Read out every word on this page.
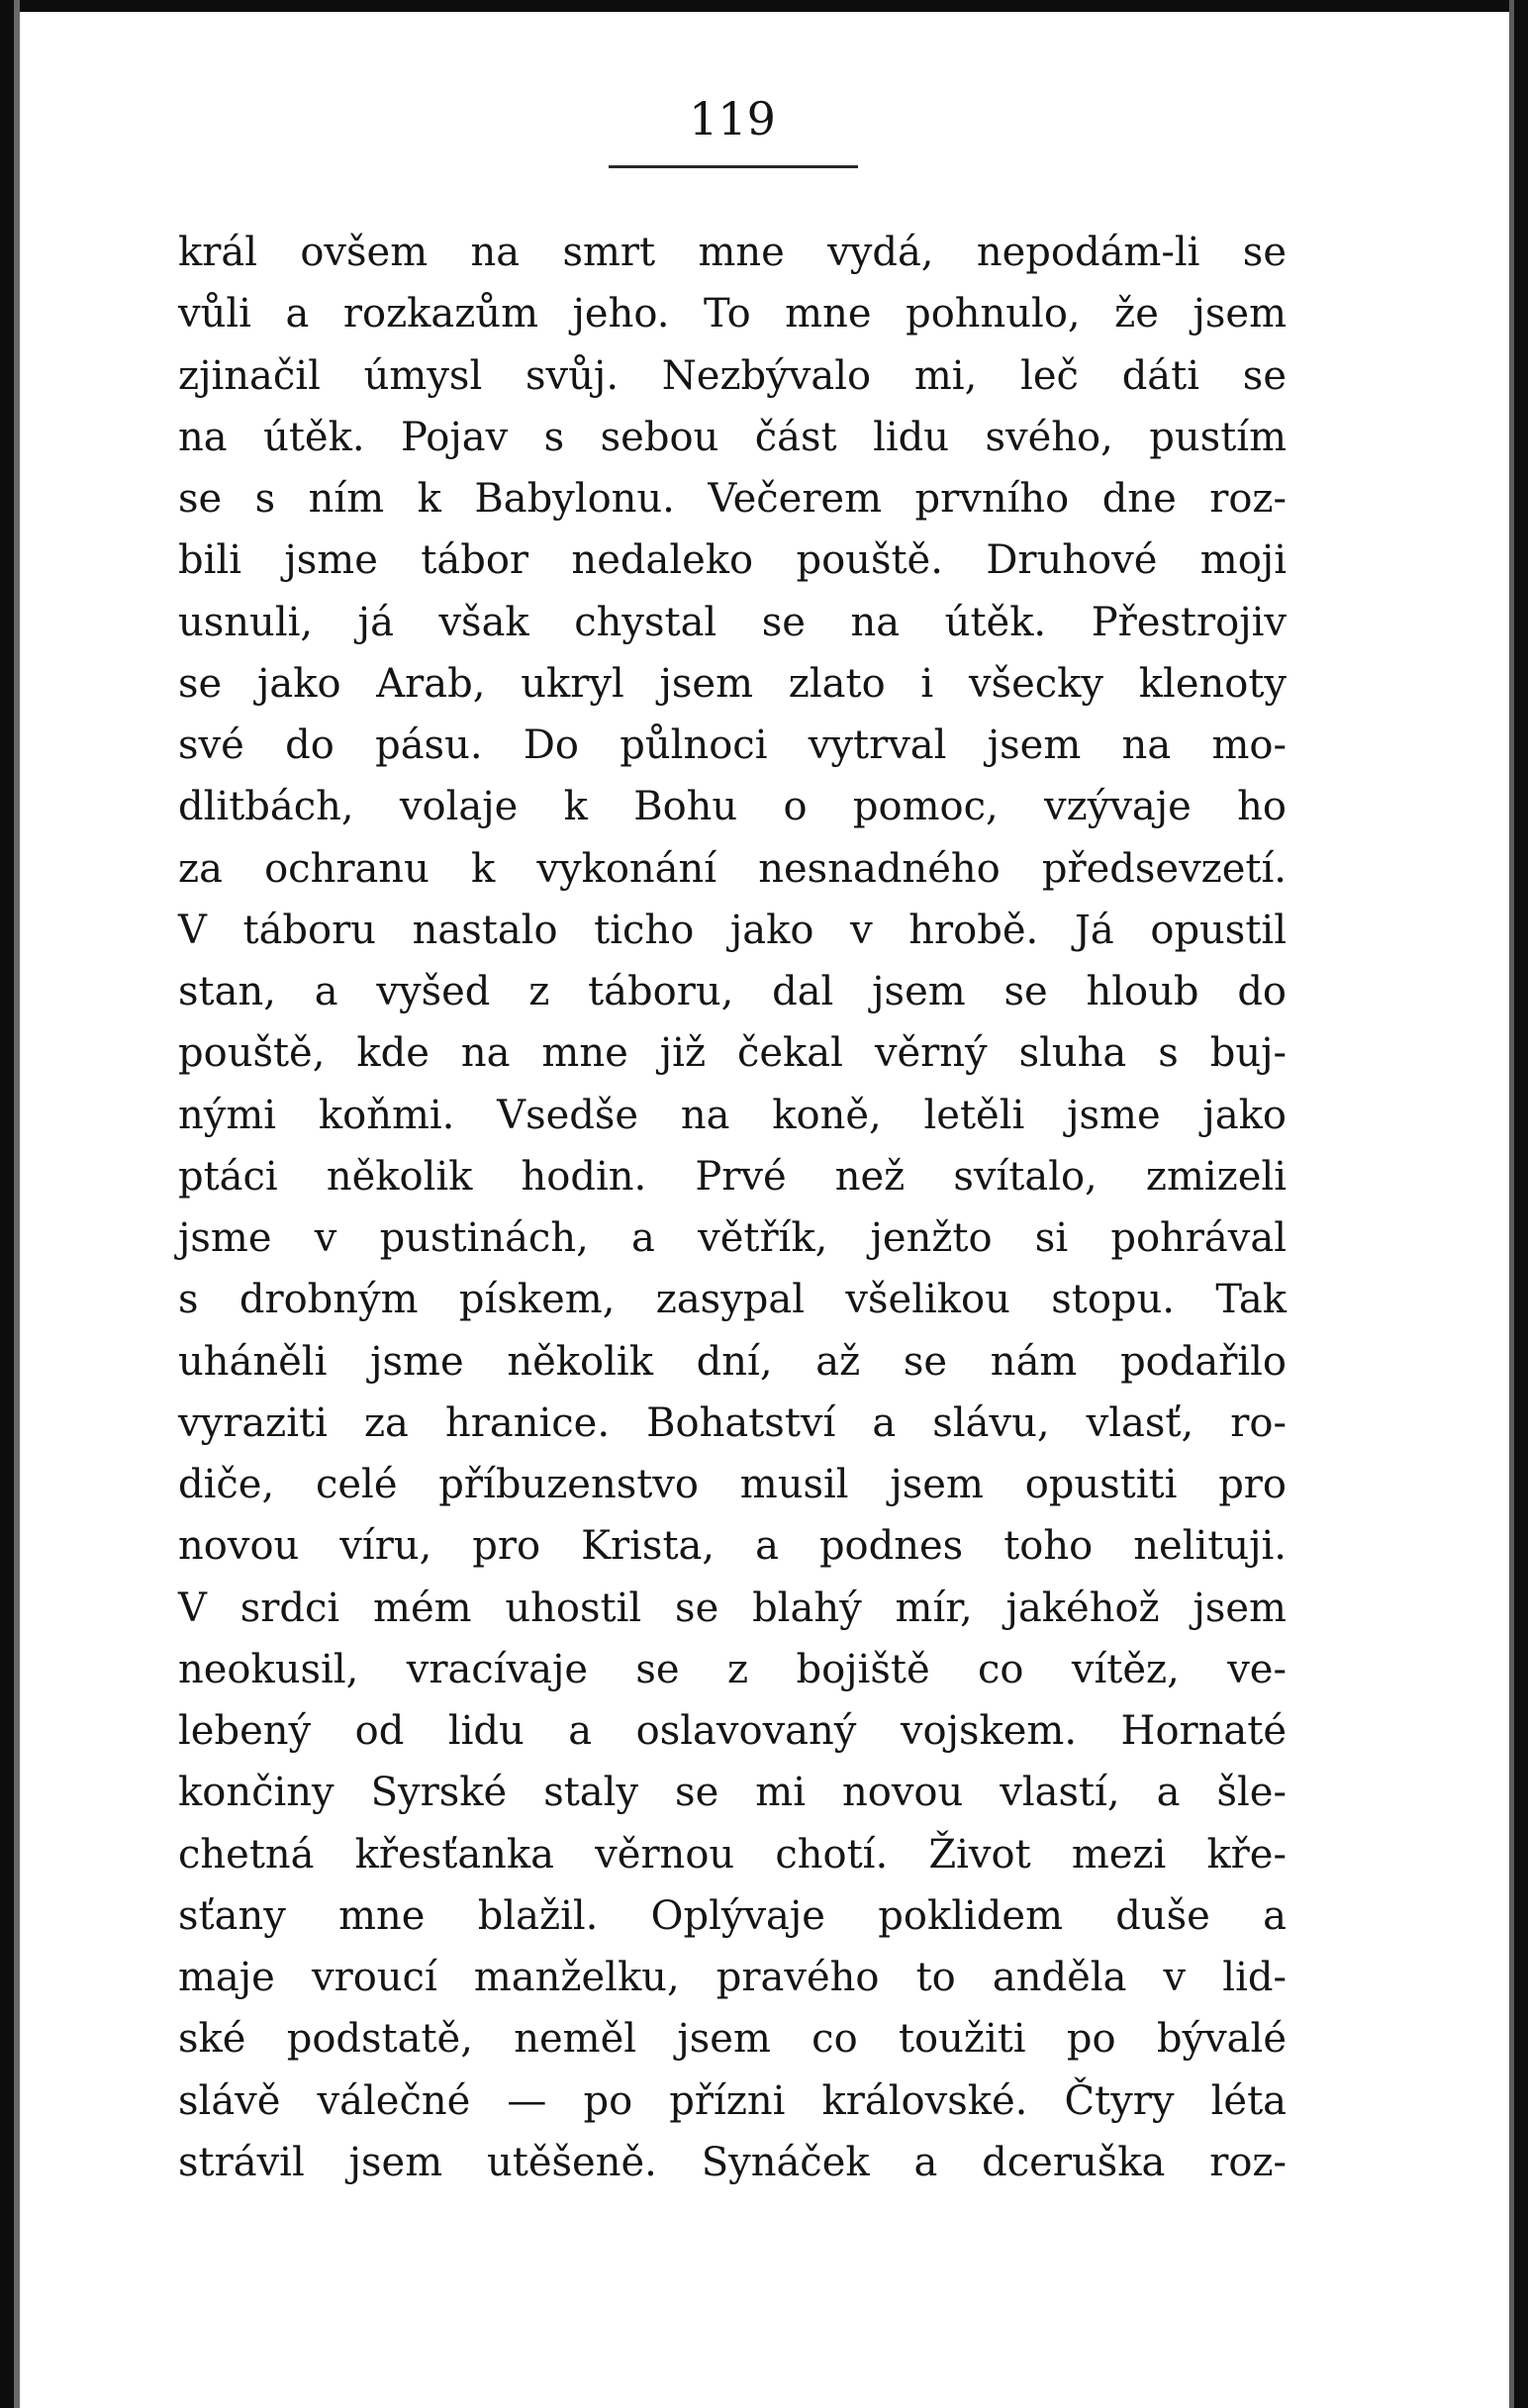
119
král ovšem na smrt mne vydá, nepodám-li se
vůli a rozkazům jeho. To mne pohnulo, že jsem
zjinačil úmysl svůj. Nezbývalo mi, leč dáti se
na útěk. Pojav s sebou část lidu svého, pustím
se s ním k Babylonu. Večerem prvního dne roz-
bili jsme tábor nedaleko pouště. Druhové moji
usnuli, já však chystal se na útěk. Přestrojiv
se jako Arab, ukryl jsem zlato i všecky klenoty
své do pásu. Do půlnoci vytrval jsem na mo-
dlitbách, volaje k Bohu o pomoc, vzývaje ho
za ochranu k vykonání nesnadného předsevzetí.
V táboru nastalo ticho jako v hrobě. Já opustil
stan, a vyšed z táboru, dal jsem se hloub do
pouště, kde na mne již čekal věrný sluha s buj-
nými koňmi. Vsedše na koně, letěli jsme jako
ptáci několik hodin. Prvé než svítalo, zmizeli
jsme v pustinách, a větřík, jenžto si pohrával
s drobným pískem, zasypal všelikou stopu. Tak
uháněli jsme několik dní, až se nám podařilo
vyraziti za hranice. Bohatství a slávu, vlasť, ro-
diče, celé příbuzenstvo musil jsem opustiti pro
novou víru, pro Krista, a podnes toho nelituji.
V srdci mém uhostil se blahý mír, jakéhož jsem
neokusil, vracívaje se z bojiště co vítěz, ve-
lebený od lidu a oslavovaný vojskem. Hornaté
končiny Syrské staly se mi novou vlastí, a šle-
chetná křesťanka věrnou chotí. Život mezi kře-
sťany mne blažil. Oplývaje poklidem duše a
maje vroucí manželku, pravého to anděla v lid-
ské podstatě, neměl jsem co toužiti po bývalé
slávě válečné — po přízni královské. Čtyry léta
strávil jsem utěšeně. Synáček a dceruška roz-
